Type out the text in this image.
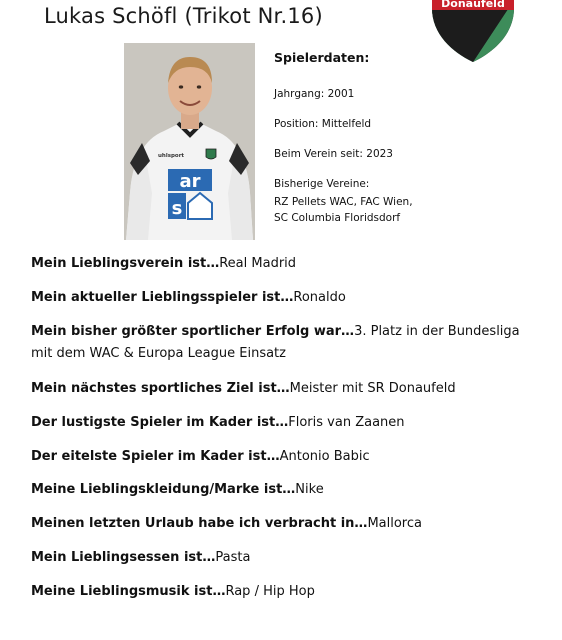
Lukas Schöfl (Trikot Nr.16)
Donaufeld
uhlsport
ar
s
Spielerdaten:
Jahrgang: 2001
Position: Mittelfeld
Beim Verein seit: 2023
Bisherige Vereine:
RZ Pellets WAC, FAC Wien,
SC Columbia Floridsdorf
Mein Lieblingsverein ist…Real Madrid
Mein aktueller Lieblingsspieler ist…Ronaldo
Mein bisher größter sportlicher Erfolg war…3. Platz in der Bundesliga mit dem WAC & Europa League Einsatz
Mein nächstes sportliches Ziel ist…Meister mit SR Donaufeld
Der lustigste Spieler im Kader ist…Floris van Zaanen
Der eitelste Spieler im Kader ist…Antonio Babic
Meine Lieblingskleidung/Marke ist…Nike
Meinen letzten Urlaub habe ich verbracht in…Mallorca
Mein Lieblingsessen ist…Pasta
Meine Lieblingsmusik ist…Rap / Hip Hop
